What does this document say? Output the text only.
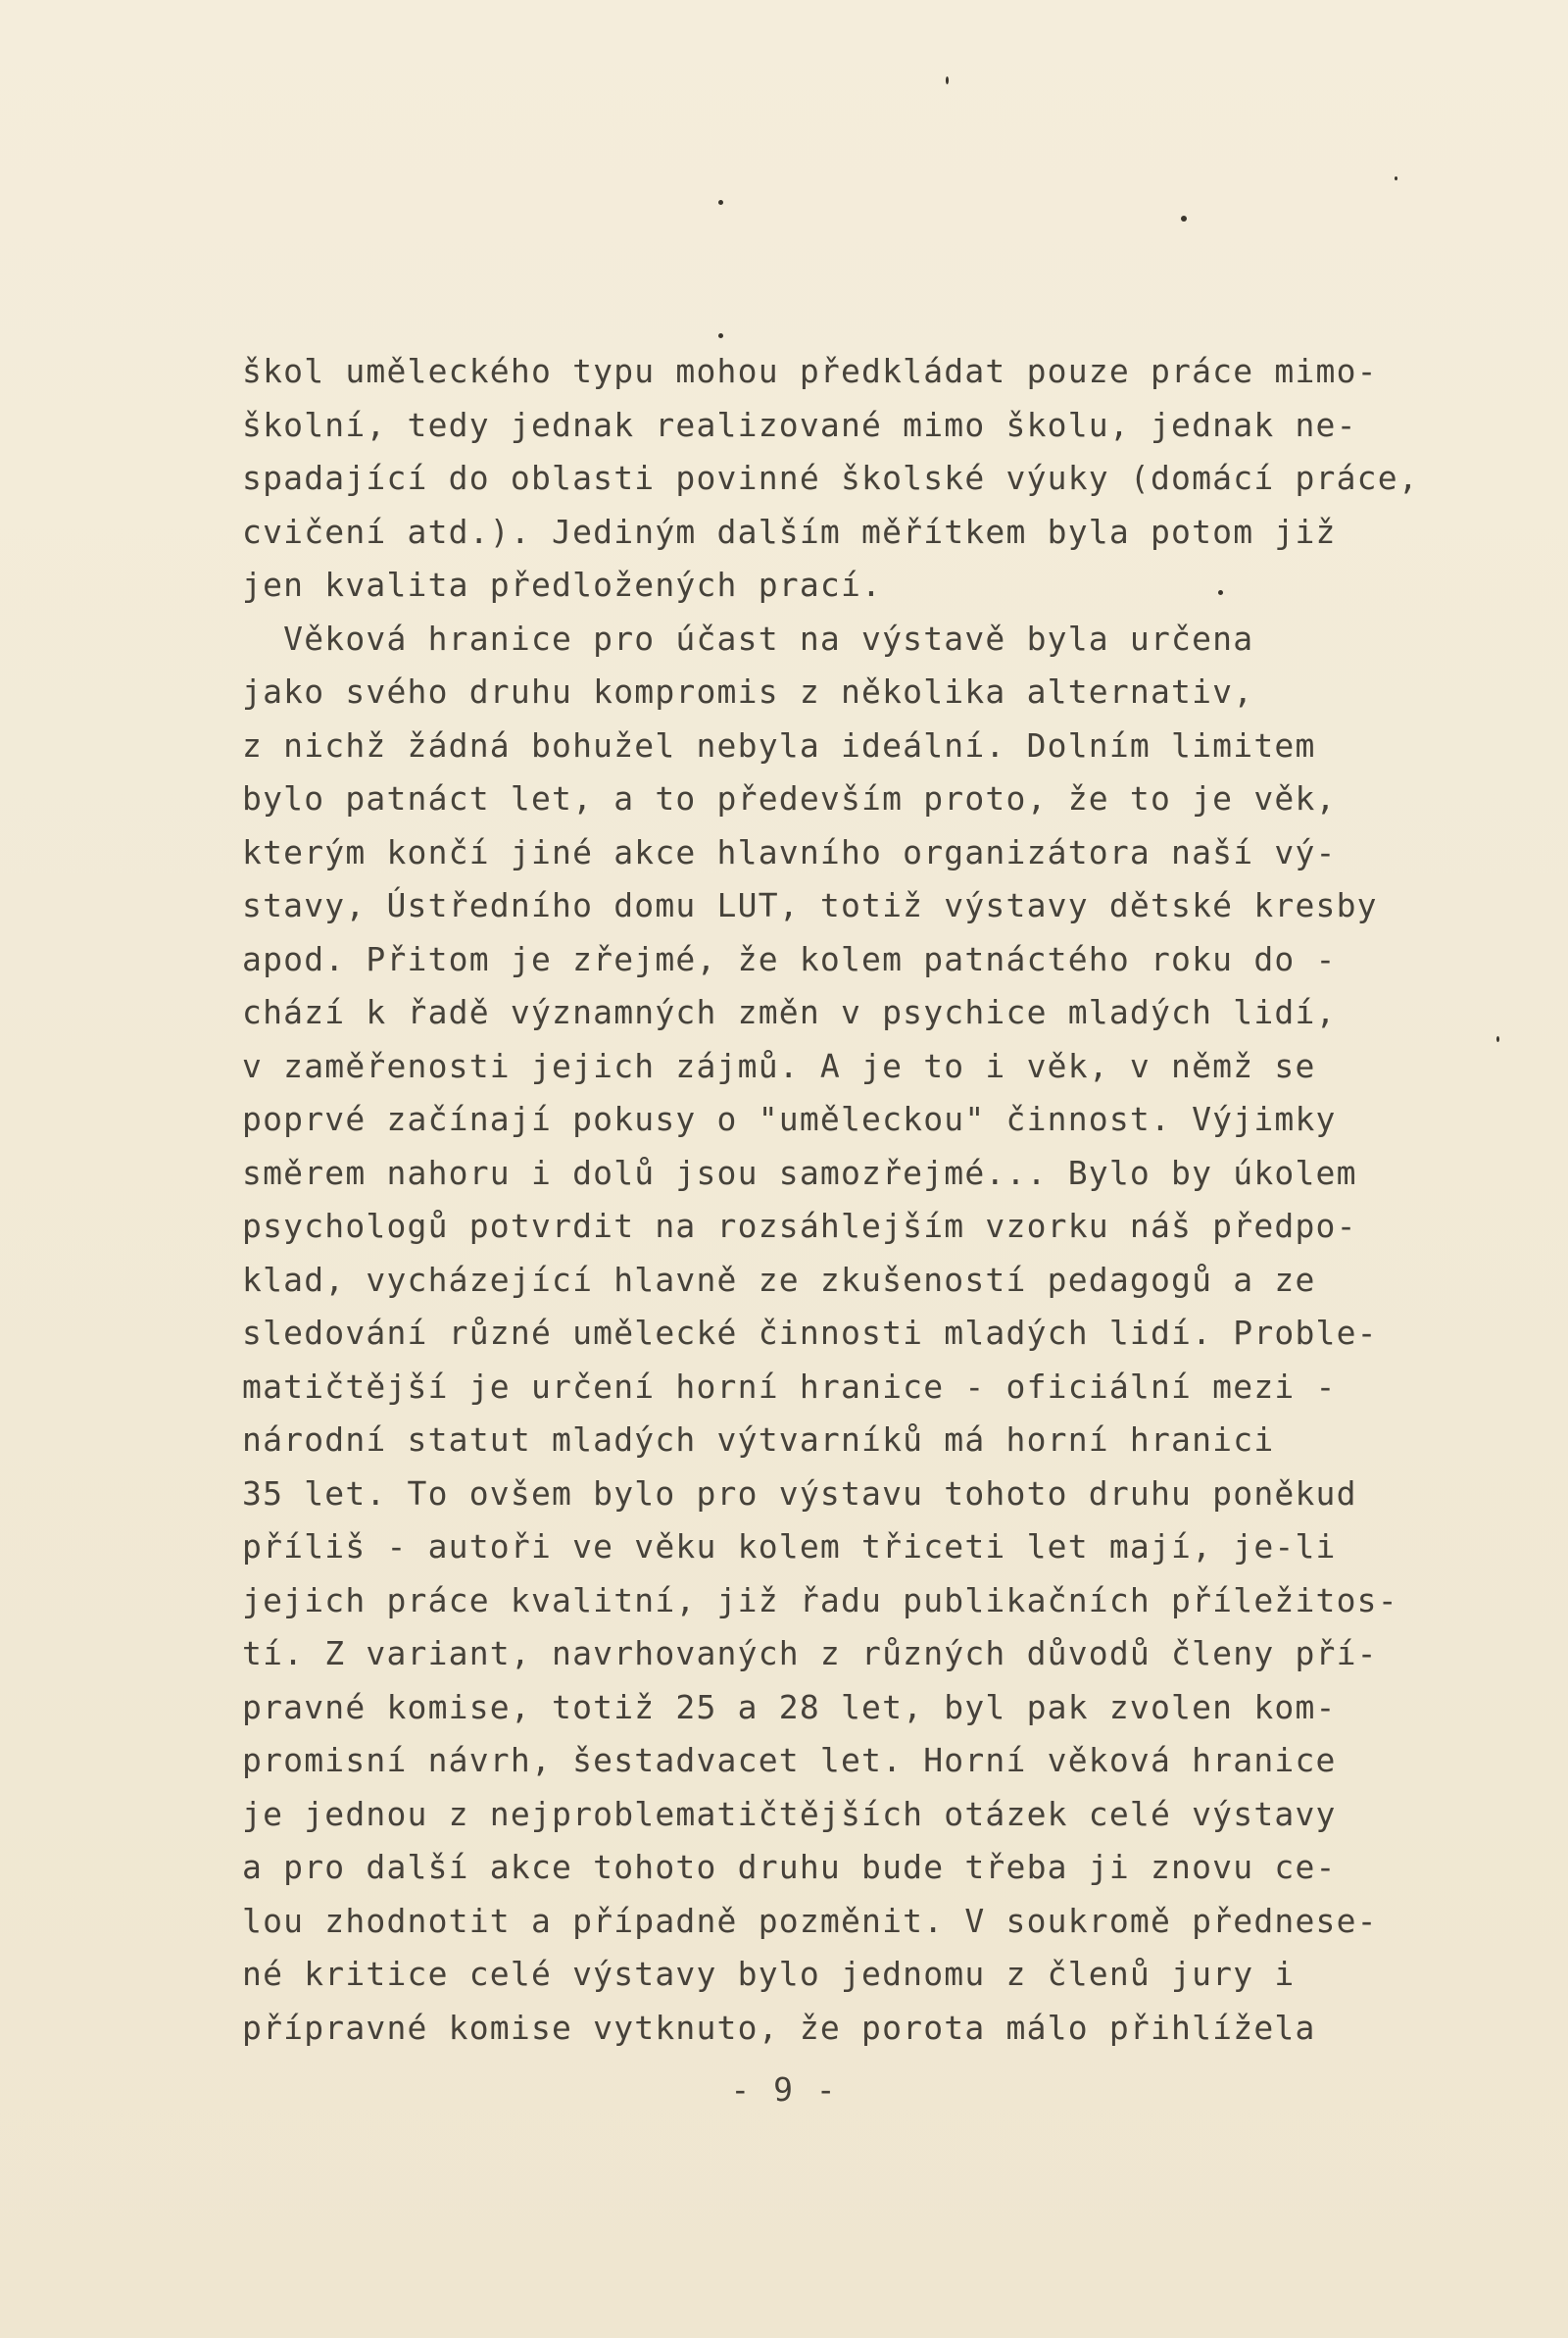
škol uměleckého typu mohou předkládat pouze práce mimo-
školní, tedy jednak realizované mimo školu, jednak ne-
spadající do oblasti povinné školské výuky (domácí práce,
cvičení atd.). Jediným dalším měřítkem byla potom již
jen kvalita předložených prací.
Věková hranice pro účast na výstavě byla určena
jako svého druhu kompromis z několika alternativ,
z nichž žádná bohužel nebyla ideální. Dolním limitem
bylo patnáct let, a to především proto, že to je věk,
kterým končí jiné akce hlavního organizátora naší vý-
stavy, Ústředního domu LUT, totiž výstavy dětské kresby
apod. Přitom je zřejmé, že kolem patnáctého roku do -
chází k řadě významných změn v psychice mladých lidí,
v zaměřenosti jejich zájmů. A je to i věk, v němž se
poprvé začínají pokusy o "uměleckou" činnost. Výjimky
směrem nahoru i dolů jsou samozřejmé... Bylo by úkolem
psychologů potvrdit na rozsáhlejším vzorku náš předpo-
klad, vycházející hlavně ze zkušeností pedagogů a ze
sledování různé umělecké činnosti mladých lidí. Proble-
matičtější je určení horní hranice - oficiální mezi -
národní statut mladých výtvarníků má horní hranici
35 let. To ovšem bylo pro výstavu tohoto druhu poněkud
příliš - autoři ve věku kolem třiceti let mají, je-li
jejich práce kvalitní, již řadu publikačních příležitos-
tí. Z variant, navrhovaných z různých důvodů členy pří-
pravné komise, totiž 25 a 28 let, byl pak zvolen kom-
promisní návrh, šestadvacet let. Horní věková hranice
je jednou z nejproblematičtějších otázek celé výstavy
a pro další akce tohoto druhu bude třeba ji znovu ce-
lou zhodnotit a případně pozměnit. V soukromě přednese-
né kritice celé výstavy bylo jednomu z členů jury i
přípravné komise vytknuto, že porota málo přihlížela
- 9 -
